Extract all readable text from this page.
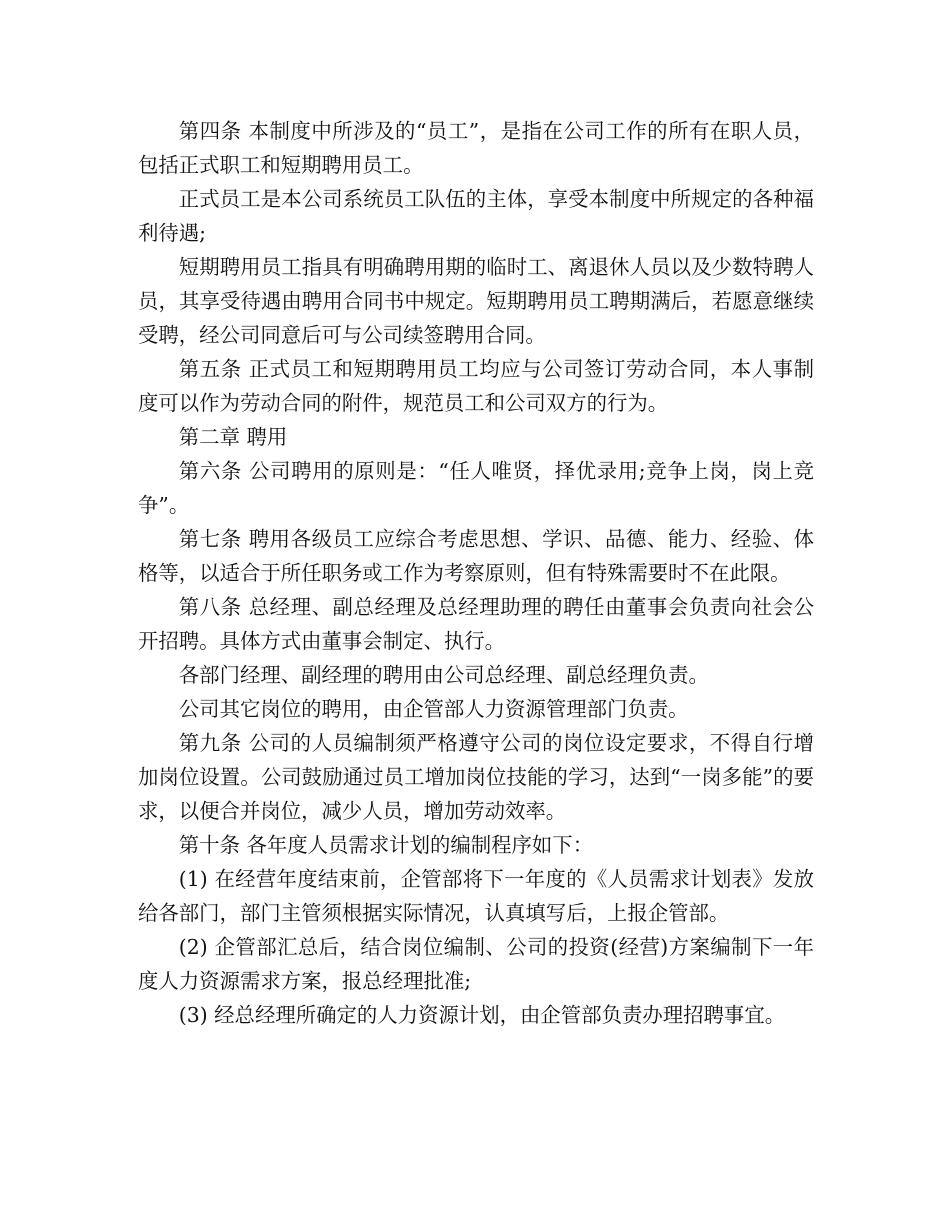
第四条 本制度中所涉及的“员工”，是指在公司工作的所有在职人员，包括正式职工和短期聘用员工。

正式员工是本公司系统员工队伍的主体，享受本制度中所规定的各种福利待遇;

短期聘用员工指具有明确聘用期的临时工、离退休人员以及少数特聘人员，其享受待遇由聘用合同书中规定。短期聘用员工聘期满后，若愿意继续受聘，经公司同意后可与公司续签聘用合同。

第五条 正式员工和短期聘用员工均应与公司签订劳动合同，本人事制度可以作为劳动合同的附件，规范员工和公司双方的行为。

第二章 聘用

第六条 公司聘用的原则是：“任人唯贤，择优录用;竞争上岗，岗上竞争”。

第七条 聘用各级员工应综合考虑思想、学识、品德、能力、经验、体格等，以适合于所任职务或工作为考察原则，但有特殊需要时不在此限。

第八条 总经理、副总经理及总经理助理的聘任由董事会负责向社会公开招聘。具体方式由董事会制定、执行。

各部门经理、副经理的聘用由公司总经理、副总经理负责。

公司其它岗位的聘用，由企管部人力资源管理部门负责。

第九条 公司的人员编制须严格遵守公司的岗位设定要求，不得自行增加岗位设置。公司鼓励通过员工增加岗位技能的学习，达到“一岗多能”的要求，以便合并岗位，减少人员，增加劳动效率。

第十条 各年度人员需求计划的编制程序如下：

(1) 在经营年度结束前，企管部将下一年度的《人员需求计划表》发放给各部门，部门主管须根据实际情况，认真填写后，上报企管部。

(2) 企管部汇总后，结合岗位编制、公司的投资(经营)方案编制下一年度人力资源需求方案，报总经理批准;

(3) 经总经理所确定的人力资源计划，由企管部负责办理招聘事宜。
